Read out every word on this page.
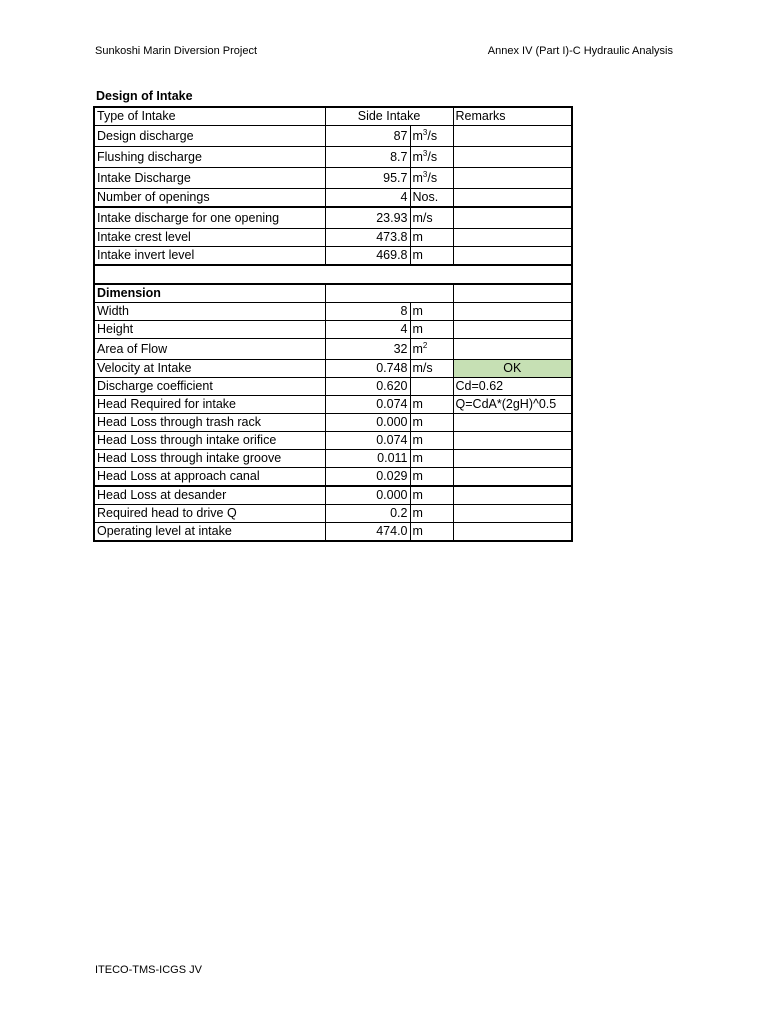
Sunkoshi Marin Diversion Project	Annex IV (Part I)-C Hydraulic Analysis
Design of Intake
Type of Intake	Side Intake		Remarks
Design discharge	87	$m^3/s$	
Flushing discharge	8.7	$m^3/s$	
Intake Discharge	95.7	$m^3/s$	
Number of openings	4	Nos.	
Intake discharge for one opening	23.93	m/s	
Intake crest level	473.8	m	
Intake invert level	469.8	m	

Dimension			
Width	8	m	
Height	4	m	
Area of Flow	32	$m^2$	
Velocity at Intake	0.748	m/s	OK
Discharge coefficient	0.620		Cd=0.62
Head Required for intake	0.074	m	Q=CdA*(2gH)^0.5
Head Loss through trash rack	0.000	m	
Head Loss through intake orifice	0.074	m	
Head Loss through intake groove	0.011	m	
Head Loss at approach canal	0.029	m	
Head Loss at desander	0.000	m	
Required head to drive Q	0.2	m	
Operating level at intake	474.0	m	
ITECO-TMS-ICGS JV
